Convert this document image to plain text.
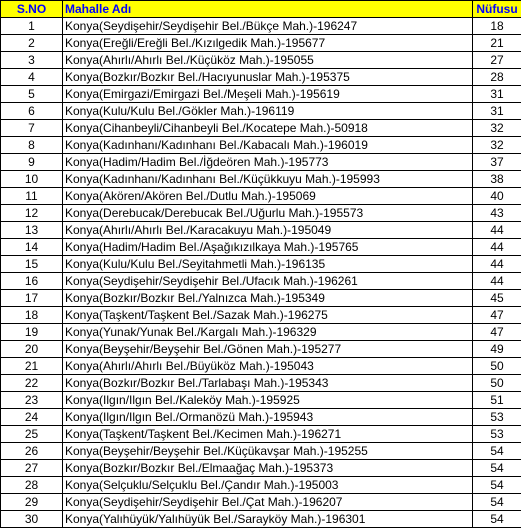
S.NO	Mahalle Adı	Nüfusu
1	Konya(Seydişehir/Seydişehir Bel./Bükçe Mah.)-196247	18
2	Konya(Ereğli/Ereğli Bel./Kızılgedik Mah.)-195677	21
3	Konya(Ahırlı/Ahırlı Bel./Küçüköz Mah.)-195055	27
4	Konya(Bozkır/Bozkır Bel./Hacıyunuslar Mah.)-195375	28
5	Konya(Emirgazi/Emirgazi Bel./Meşeli Mah.)-195619	31
6	Konya(Kulu/Kulu Bel./Gökler Mah.)-196119	31
7	Konya(Cihanbeyli/Cihanbeyli Bel./Kocatepe Mah.)-50918	32
8	Konya(Kadınhanı/Kadınhanı Bel./Kabacalı Mah.)-196019	32
9	Konya(Hadim/Hadim Bel./İğdeören Mah.)-195773	37
10	Konya(Kadınhanı/Kadınhanı Bel./Küçükkuyu Mah.)-195993	38
11	Konya(Akören/Akören Bel./Dutlu Mah.)-195069	40
12	Konya(Derebucak/Derebucak Bel./Uğurlu Mah.)-195573	43
13	Konya(Ahırlı/Ahırlı Bel./Karacakuyu Mah.)-195049	44
14	Konya(Hadim/Hadim Bel./Aşağıkızılkaya Mah.)-195765	44
15	Konya(Kulu/Kulu Bel./Seyitahmetli Mah.)-196135	44
16	Konya(Seydişehir/Seydişehir Bel./Ufacık Mah.)-196261	44
17	Konya(Bozkır/Bozkır Bel./Yalnızca Mah.)-195349	45
18	Konya(Taşkent/Taşkent Bel./Sazak Mah.)-196275	47
19	Konya(Yunak/Yunak Bel./Kargalı Mah.)-196329	47
20	Konya(Beyşehir/Beyşehir Bel./Gönen Mah.)-195277	49
21	Konya(Ahırlı/Ahırlı Bel./Büyüköz Mah.)-195043	50
22	Konya(Bozkır/Bozkır Bel./Tarlabaşı Mah.)-195343	50
23	Konya(Ilgın/Ilgın Bel./Kaleköy Mah.)-195925	51
24	Konya(Ilgın/Ilgın Bel./Ormanözü Mah.)-195943	53
25	Konya(Taşkent/Taşkent Bel./Kecimen Mah.)-196271	53
26	Konya(Beyşehir/Beyşehir Bel./Küçükavşar Mah.)-195255	54
27	Konya(Bozkır/Bozkır Bel./Elmaağaç Mah.)-195373	54
28	Konya(Selçuklu/Selçuklu Bel./Çandır Mah.)-195003	54
29	Konya(Seydişehir/Seydişehir Bel./Çat Mah.)-196207	54
30	Konya(Yalıhüyük/Yalıhüyük Bel./Sarayköy Mah.)-196301	54
